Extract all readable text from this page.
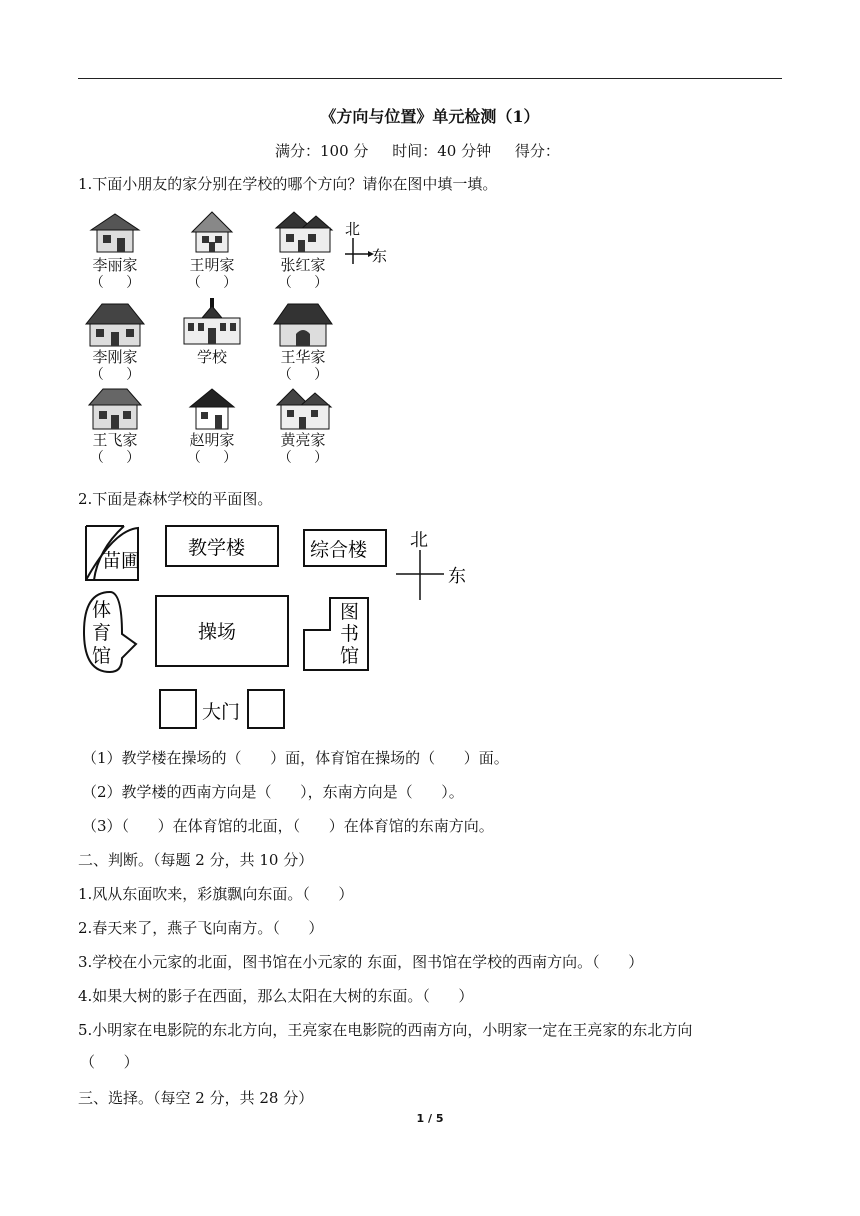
《方向与位置》单元检测（1）
满分：100 分     时间：40 分钟     得分：
1.下面小朋友的家分别在学校的哪个方向？请你在图中填一填。
李丽家
（     ）
王明家
（     ）
张红家
（     ）
北
东
李刚家
（     ）
学校	王华家
（     ）
王飞家
（     ）
赵明家
（     ）
黄亮家
（     ）
2.下面是森林学校的平面图。
苗圃
教学楼	综合楼 北
东
体
育
馆
操场
图
书
馆
大门
（1）教学楼在操场的（      ）面，体育馆在操场的（      ）面。
（2）教学楼的西南方向是（      ），东南方向是（      ）。
（3）（      ）在体育馆的北面，（      ）在体育馆的东南方向。
二、判断。（每题 2 分，共 10 分）
1.风从东面吹来，彩旗飘向东面。（      ）
2.春天来了，燕子飞向南方。（      ）
3.学校在小元家的北面，图书馆在小元家的 东面，图书馆在学校的西南方向。（      ）
4.如果大树的影子在西面，那么太阳在大树的东面。（      ）
5.小明家在电影院的东北方向，王亮家在电影院的西南方向，小明家一定在王亮家的东北方向
（      ）
三、选择。（每空 2 分，共 28 分）
1 / 5
